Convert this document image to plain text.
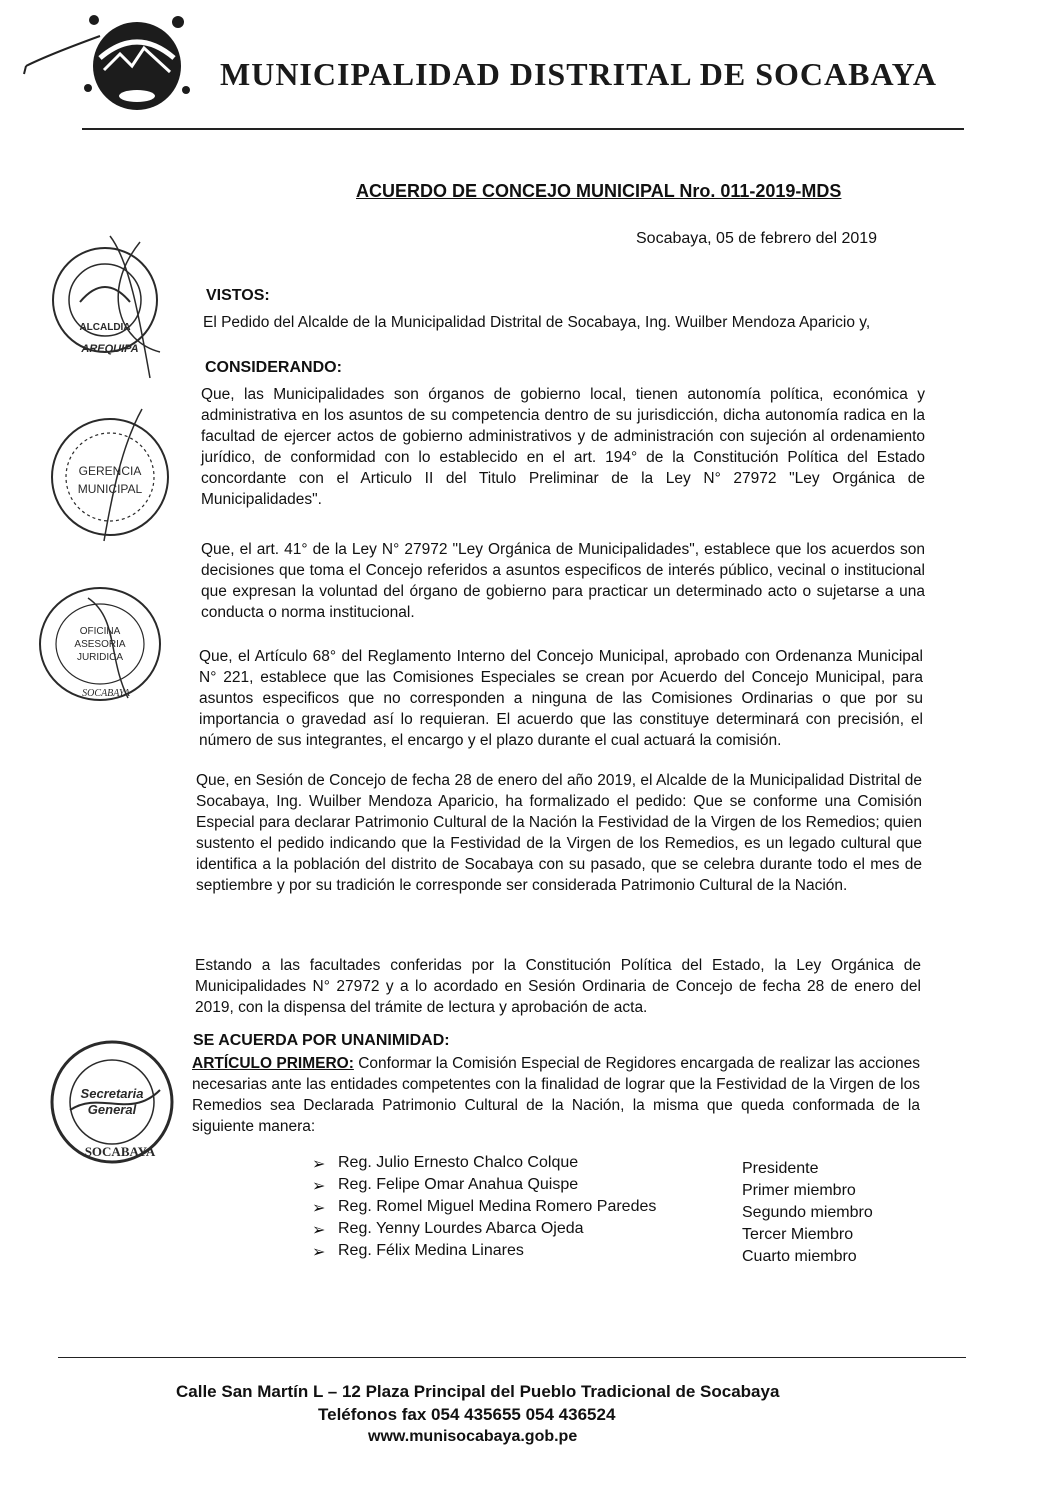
MUNICIPALIDAD DISTRITAL DE SOCABAYA
ACUERDO DE CONCEJO MUNICIPAL Nro. 011-2019-MDS
Socabaya, 05 de febrero del 2019
ALCALDIA
AREQUIPA
GERENCIA
MUNICIPAL
OFICINA
ASESORIA
JURIDICA
SOCABAYA
Secretaria
General
SOCABAYA
VISTOS:
El Pedido del Alcalde de la Municipalidad Distrital de Socabaya, Ing. Wuilber Mendoza Aparicio y,
CONSIDERANDO:
Que, las Municipalidades son órganos de gobierno local, tienen autonomía política, económica y administrativa en los asuntos de su competencia dentro de su jurisdicción, dicha autonomía radica en la facultad de ejercer actos de gobierno administrativos y de administración con sujeción al ordenamiento jurídico, de conformidad con lo establecido en el art. 194° de la Constitución Política del Estado concordante con el Articulo II del Titulo Preliminar de la Ley N° 27972 "Ley Orgánica de Municipalidades".
Que, el art. 41° de la Ley N° 27972 "Ley Orgánica de Municipalidades", establece que los acuerdos son decisiones que toma el Concejo referidos a asuntos especificos de interés público, vecinal o institucional que expresan la voluntad del órgano de gobierno para practicar un determinado acto o sujetarse a una conducta o norma institucional.
Que, el Artículo 68° del Reglamento Interno del Concejo Municipal, aprobado con Ordenanza Municipal N° 221, establece que las Comisiones Especiales se crean por Acuerdo del Concejo Municipal, para asuntos especificos que no corresponden a ninguna de las Comisiones Ordinarias o que por su importancia o gravedad así lo requieran. El acuerdo que las constituye determinará con precisión, el número de sus integrantes, el encargo y el plazo durante el cual actuará la comisión.
Que, en Sesión de Concejo de fecha 28 de enero del año 2019, el Alcalde de la Municipalidad Distrital de Socabaya, Ing. Wuilber Mendoza Aparicio, ha formalizado el pedido: Que se conforme una Comisión Especial para declarar Patrimonio Cultural de la Nación la Festividad de la Virgen de los Remedios; quien sustento el pedido indicando que la Festividad de la Virgen de los Remedios, es un legado cultural que identifica a la población del distrito de Socabaya con su pasado, que se celebra durante todo el mes de septiembre y por su tradición le corresponde ser considerada Patrimonio Cultural de la Nación.
Estando a las facultades conferidas por la Constitución Política del Estado, la Ley Orgánica de Municipalidades N° 27972 y a lo acordado en Sesión Ordinaria de Concejo de fecha 28 de enero del 2019, con la dispensa del trámite de lectura y aprobación de acta.
SE ACUERDA POR UNANIMIDAD:
ARTÍCULO PRIMERO: Conformar la Comisión Especial de Regidores encargada de realizar las acciones necesarias ante las entidades competentes con la finalidad de lograr que la Festividad de la Virgen de los Remedios sea Declarada Patrimonio Cultural de la Nación, la misma que queda conformada de la siguiente manera:
➢ Reg. Julio Ernesto Chalco Colque	Presidente
➢ Reg. Felipe Omar Anahua Quispe	Primer miembro
➢ Reg. Romel Miguel Medina Romero Paredes	Segundo miembro
➢ Reg. Yenny Lourdes Abarca Ojeda	Tercer Miembro
➢ Reg. Félix Medina Linares	Cuarto miembro
Calle San Martín L – 12 Plaza Principal del Pueblo Tradicional de Socabaya
Teléfonos fax 054 435655 054 436524
www.munisocabaya.gob.pe
